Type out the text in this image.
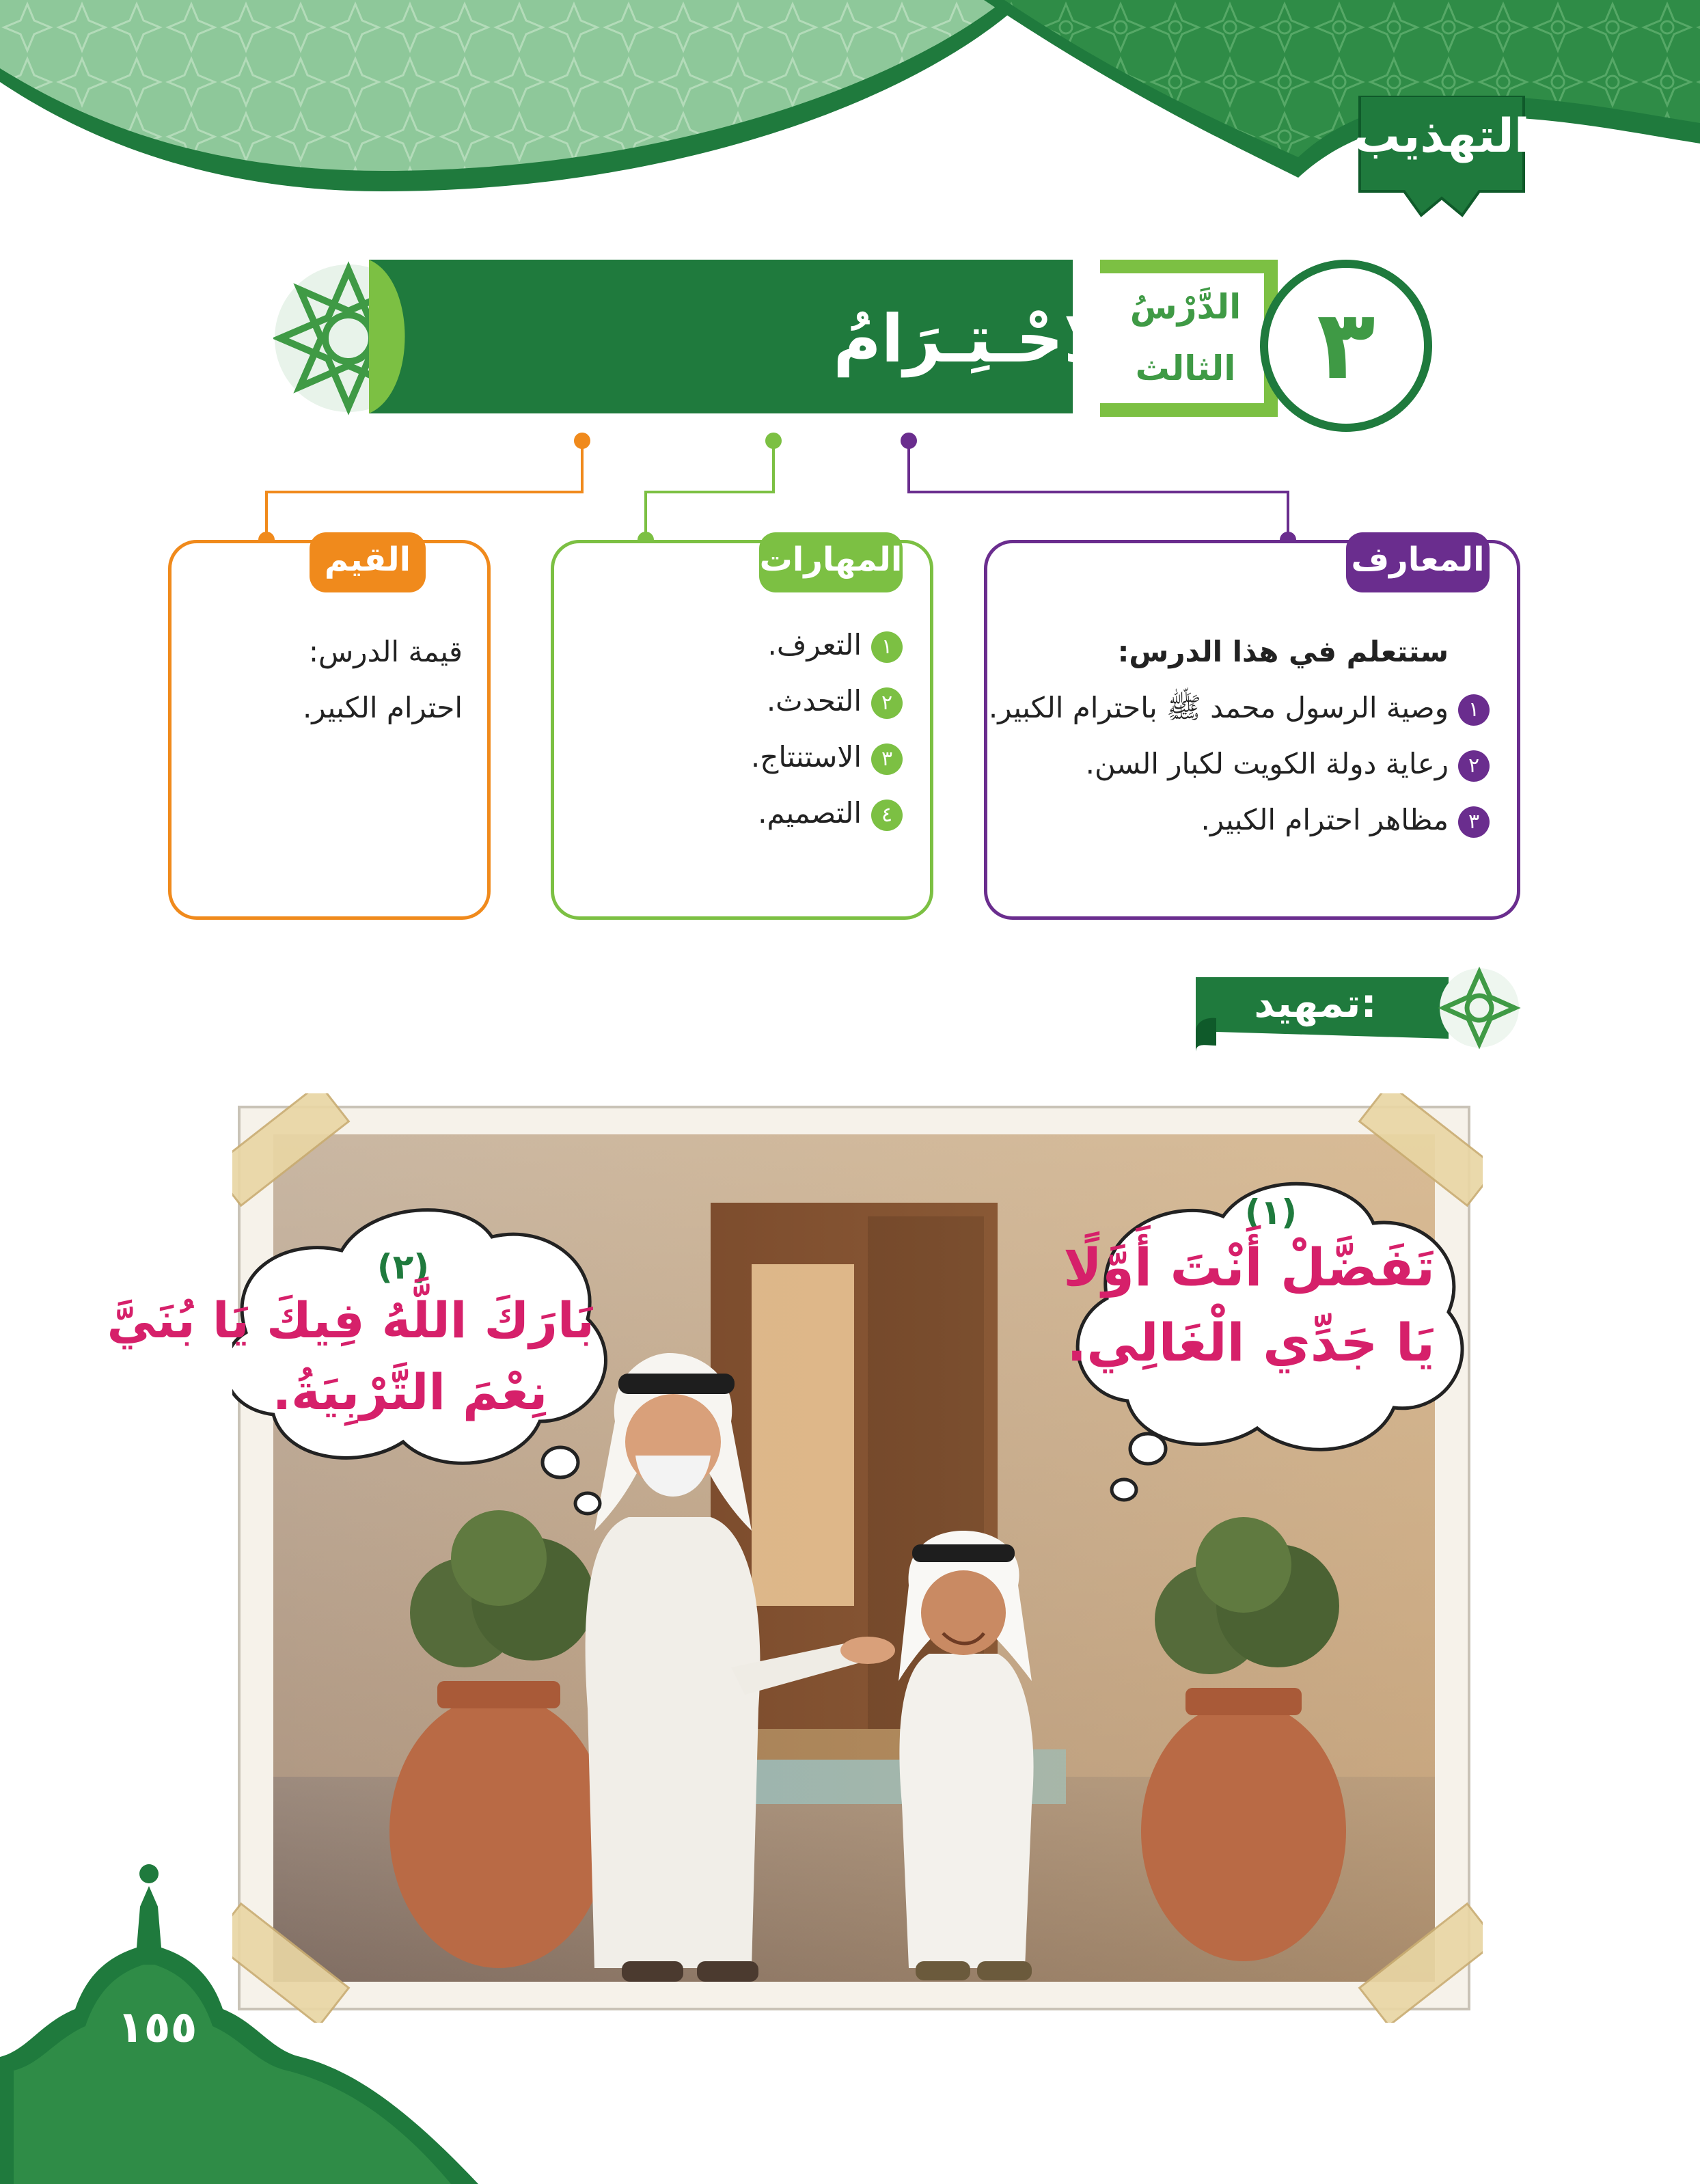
التهذيب
الِاحْـتِـرَامُ
الدَّرْسُ
الثالث ٣
المعارف
ستتعلم في هذا الدرس:
١وصية الرسول محمد ﷺ باحترام الكبير.
٢رعاية دولة الكويت لكبار السن.
٣مظاهر احترام الكبير.
المهارات
١التعرف.
٢التحدث.
٣الاستنتاج.
٤التصميم.
القيم
قيمة الدرس:
احترام الكبير.
تمهيد:
(١)
تَفَضَّلْ أَنْتَ أَوَّلًا
يَا جَدِّي الْغَالِي.
(٢)
بَارَكَ اللَّهُ فِيكَ يَا بُنَيَّ
نِعْمَ التَّرْبِيَةُ.
١٥٥
